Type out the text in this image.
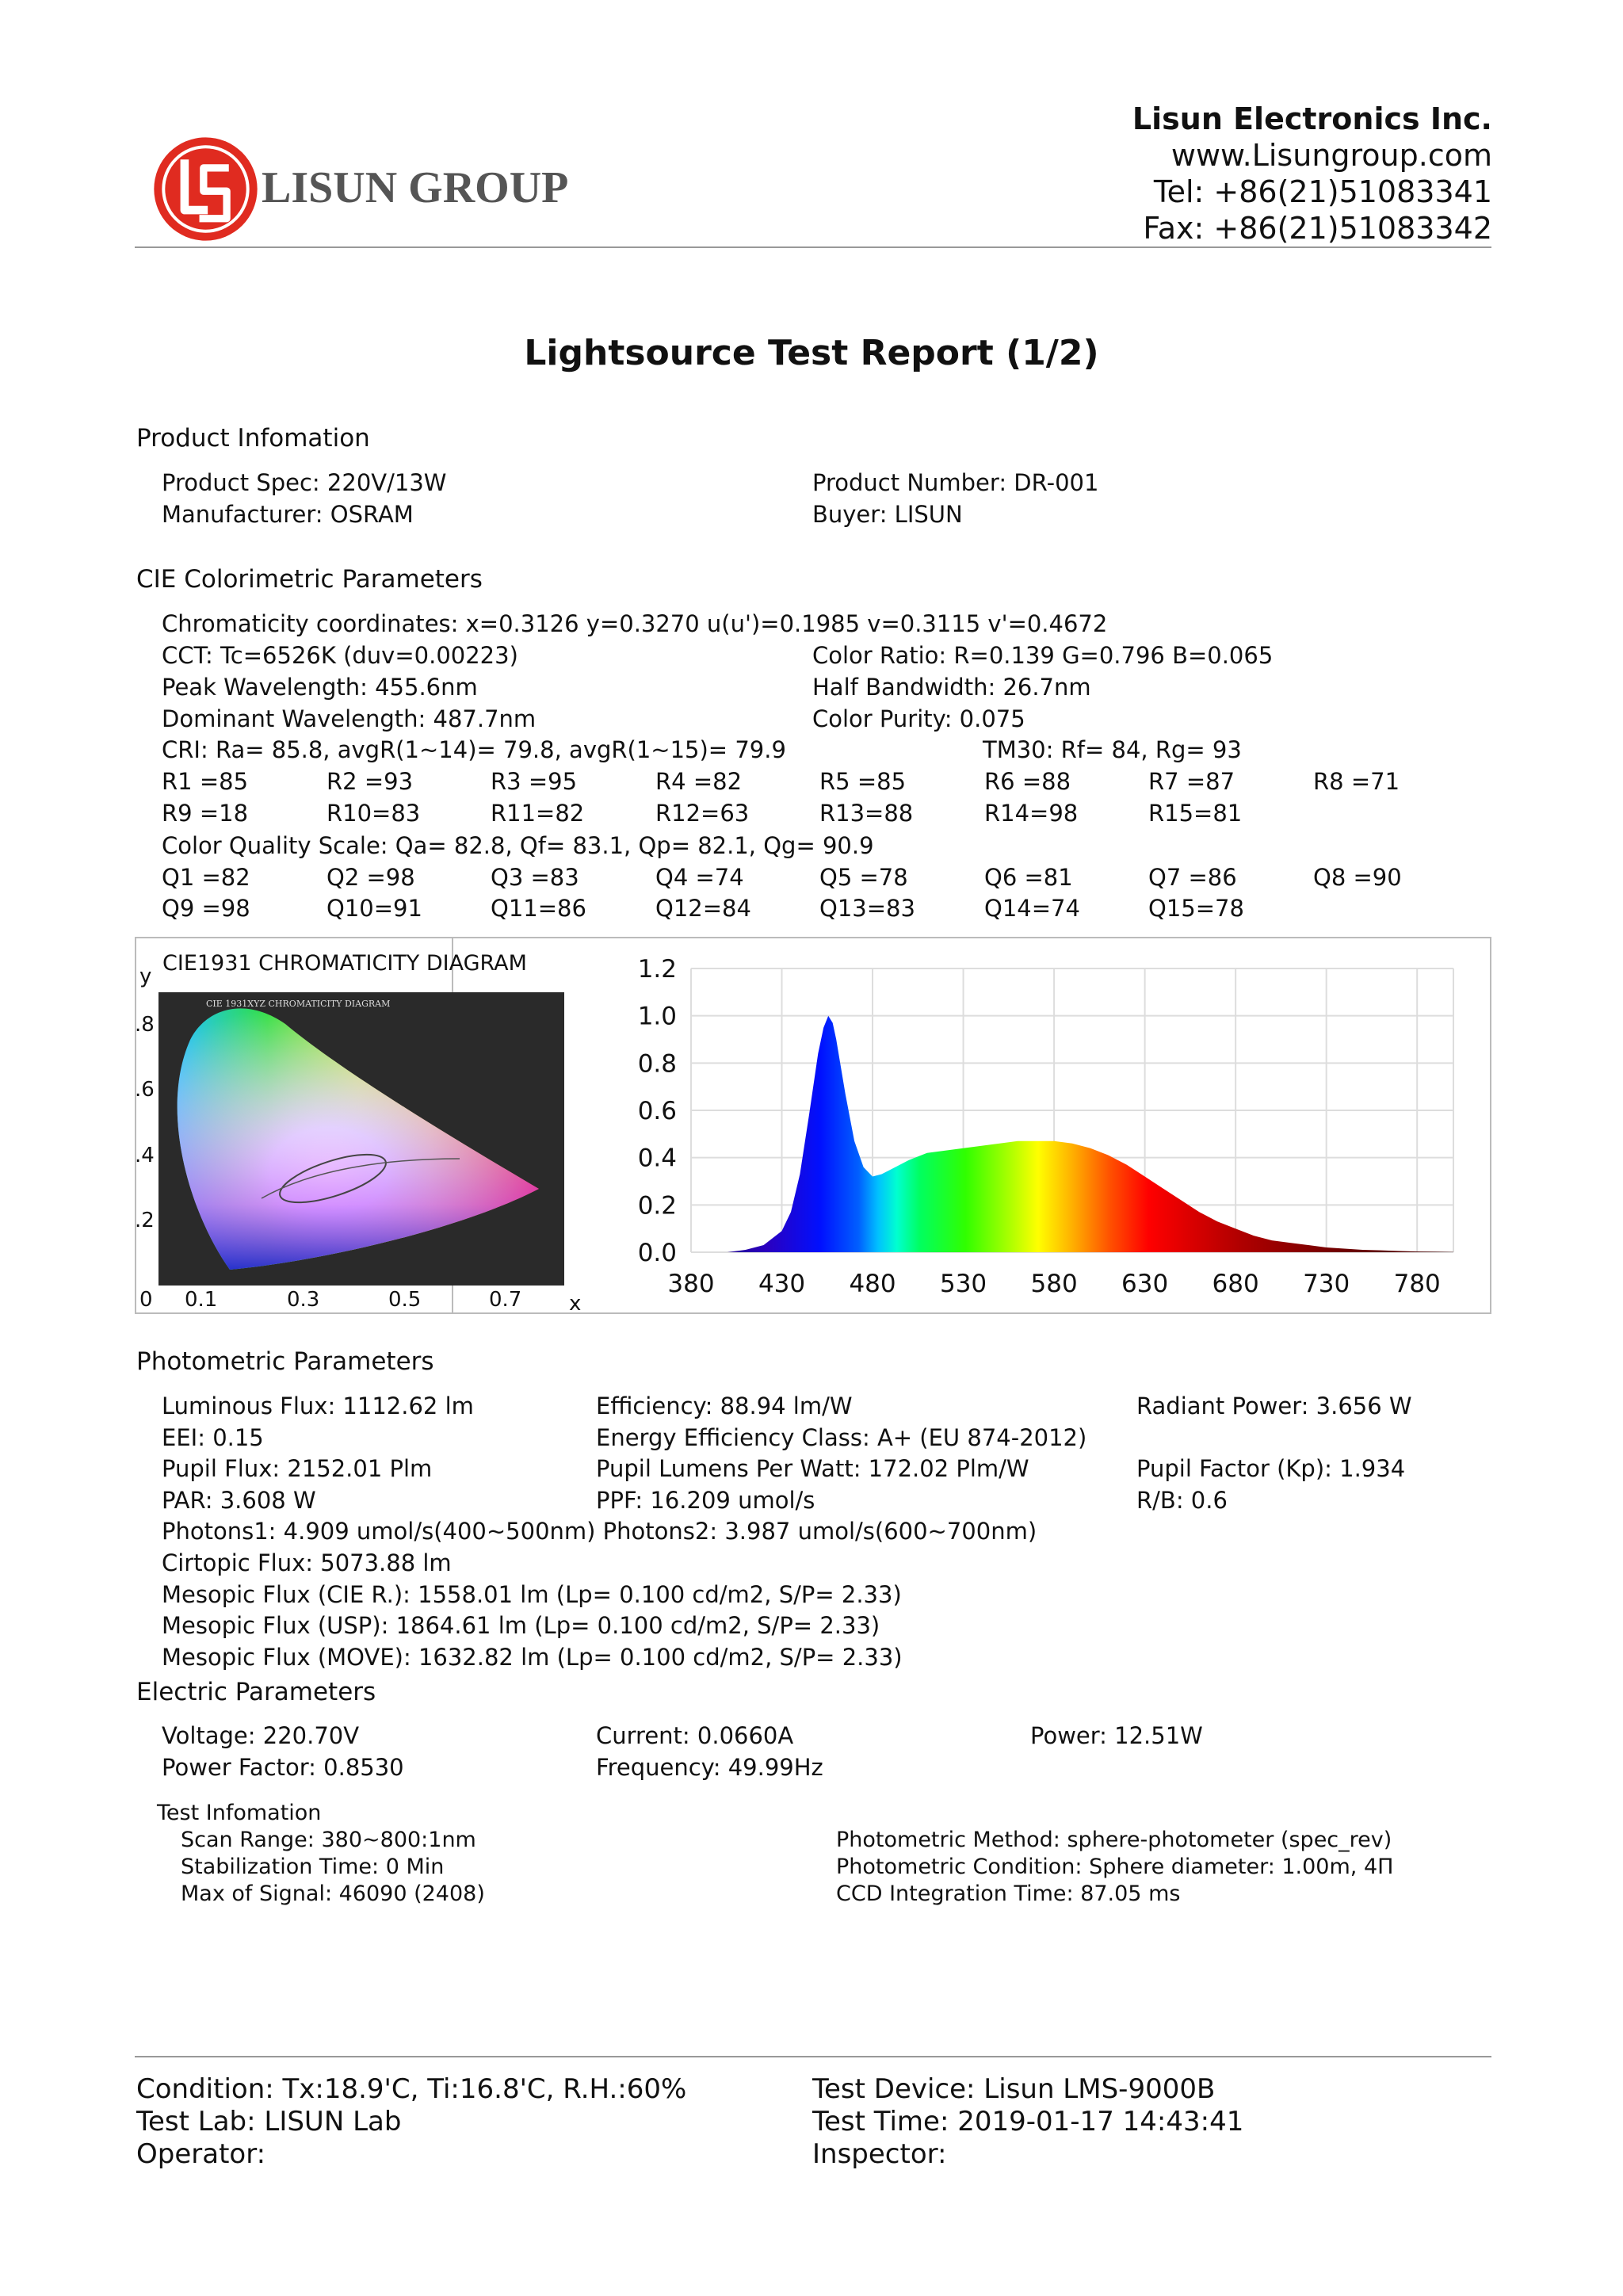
LISUN GROUP
Lisun Electronics Inc.
www.Lisungroup.com
Tel: +86(21)51083341
Fax: +86(21)51083342
Lightsource Test Report (1/2)
Product Infomation
Product Spec: 220V/13W	Product Number: DR-001
Manufacturer: OSRAM	Buyer: LISUN
CIE Colorimetric Parameters
Chromaticity coordinates: x=0.3126 y=0.3270 u(u')=0.1985 v=0.3115 v'=0.4672
CCT: Tc=6526K (duv=0.00223)	Color Ratio: R=0.139 G=0.796 B=0.065
Peak Wavelength: 455.6nm	Half Bandwidth: 26.7nm
Dominant Wavelength: 487.7nm	Color Purity: 0.075
CRI: Ra= 85.8, avgR(1~14)= 79.8, avgR(1~15)= 79.9	TM30: Rf= 84, Rg= 93
R1 =85	R2 =93	R3 =95	R4 =82	R5 =85	R6 =88	R7 =87	R8 =71
R9 =18	R10=83	R11=82	R12=63	R13=88	R14=98	R15=81
Color Quality Scale: Qa= 82.8, Qf= 83.1, Qp= 82.1, Qg= 90.9
Q1 =82	Q2 =98	Q3 =83	Q4 =74	Q5 =78	Q6 =81	Q7 =86	Q8 =90
Q9 =98	Q10=91	Q11=86	Q12=84	Q13=83	Q14=74	Q15=78
CIE1931 CHROMATICITY DIAGRAM
y
.8
.6
.4
.2
0 0.1	0.3	0.5	0.7 x
CIE 1931XYZ CHROMATICITY DIAGRAM
0.0
0.2
0.4
0.6
0.8
1.0
1.2
380 430 480 530 580 630 680 730 780
Photometric Parameters
Luminous Flux: 1112.62 lm	Efficiency: 88.94 lm/W	Radiant Power: 3.656 W
EEI: 0.15	Energy Efficiency Class: A+ (EU 874-2012)
Pupil Flux: 2152.01 Plm	Pupil Lumens Per Watt: 172.02 Plm/W	Pupil Factor (Kp): 1.934
PAR: 3.608 W	PPF: 16.209 umol/s	R/B: 0.6
Photons1: 4.909 umol/s(400~500nm) Photons2: 3.987 umol/s(600~700nm)
Cirtopic Flux: 5073.88 lm
Mesopic Flux (CIE R.): 1558.01 lm (Lp= 0.100 cd/m2, S/P= 2.33)
Mesopic Flux (USP): 1864.61 lm (Lp= 0.100 cd/m2, S/P= 2.33)
Mesopic Flux (MOVE): 1632.82 lm (Lp= 0.100 cd/m2, S/P= 2.33)
Electric Parameters
Voltage: 220.70V	Current: 0.0660A	Power: 12.51W
Power Factor: 0.8530	Frequency: 49.99Hz
Test Infomation
Scan Range: 380~800:1nm	Photometric Method: sphere-photometer (spec_rev)
Stabilization Time: 0 Min	Photometric Condition: Sphere diameter: 1.00m, 4Π
Max of Signal: 46090 (2408)	CCD Integration Time: 87.05 ms
Condition: Tx:18.9'C, Ti:16.8'C, R.H.:60%	Test Device: Lisun LMS-9000B
Test Lab: LISUN Lab	Test Time: 2019-01-17 14:43:41
Operator:	Inspector:
